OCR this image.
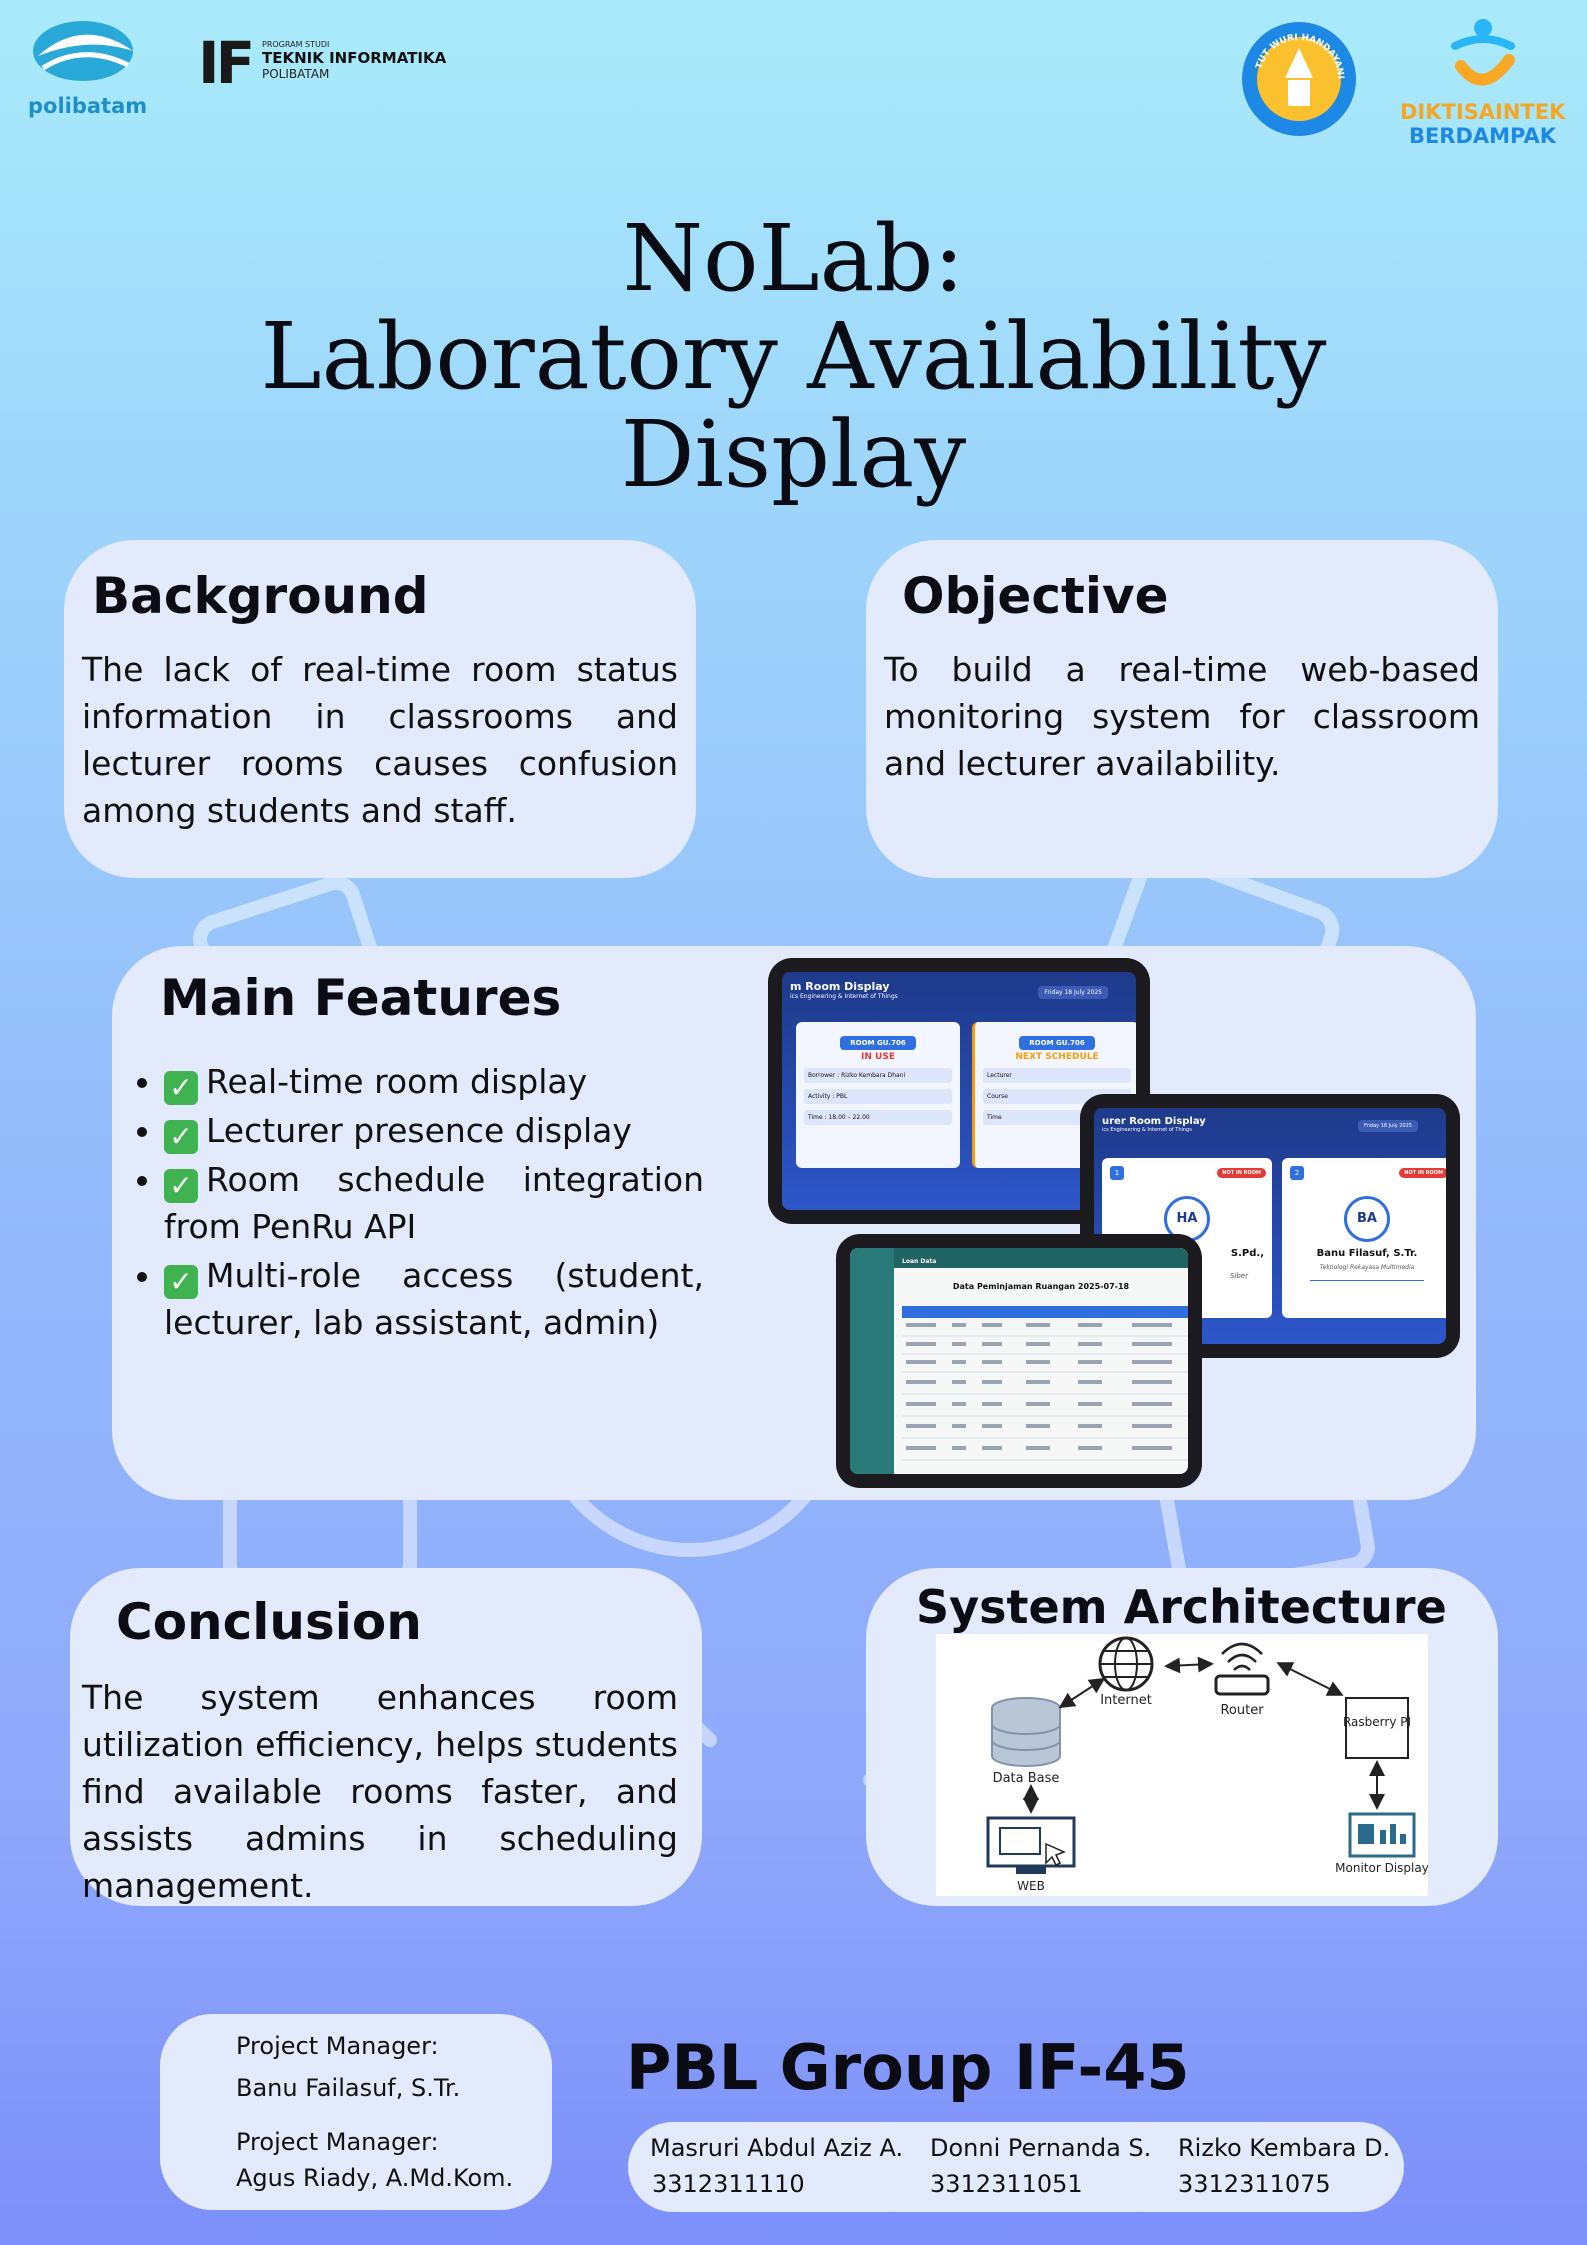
polibatam
IF PROGRAM STUDI
TEKNIK INFORMATIKA
POLIBATAM
TUT WURI HANDAYANI
DIKTISAINTEK
BERDAMPAK
NoLab:
Laboratory Availability
Display
Background

The lack of real-time room status information in classrooms and lecturer rooms causes confusion among students and staff.

Objective

To build a real-time web-based monitoring system for classroom and lecturer availability.

Main Features
• ✓ Real-time room display
• ✓ Lecturer presence display
• ✓ Room schedule integration from PenRu API
• ✓ Multi-role access (student, lecturer, lab assistant, admin)
m Room Display
ics Engineering & Internet of Things
Friday 18 July 2025
ROOM GU.706
IN USE
Borrower : Rizko Kembara Dhani
Activity : PBL
Time : 18.00 – 22.00
ROOM GU.706
NEXT SCHEDULE
Lecturer
Course
Time	urer Room Display
ics Engineering & Internet of Things
Friday 18 July 2025
1	NOT IN ROOM
HA
S.Pd.,
Siber
2	NOT IN ROOM
BA
Banu Filasuf, S.Tr.
Teknologi Rekayasa Multimedia
Loan Data
Data Peminjaman Ruangan 2025-07-18
Conclusion

The system enhances room utilization efficiency, helps students find available rooms faster, and assists admins in scheduling management.

System Architecture
Internet
Router
Data Base
Rasberry PI
WEB
Monitor Display
Project Manager:
Banu Failasuf, S.Tr.
Project Manager:
Agus Riady, A.Md.Kom.
PBL Group IF-45
Masruri Abdul Aziz A.
3312311110
Donni Pernanda S.
3312311051
Rizko Kembara D.
3312311075
